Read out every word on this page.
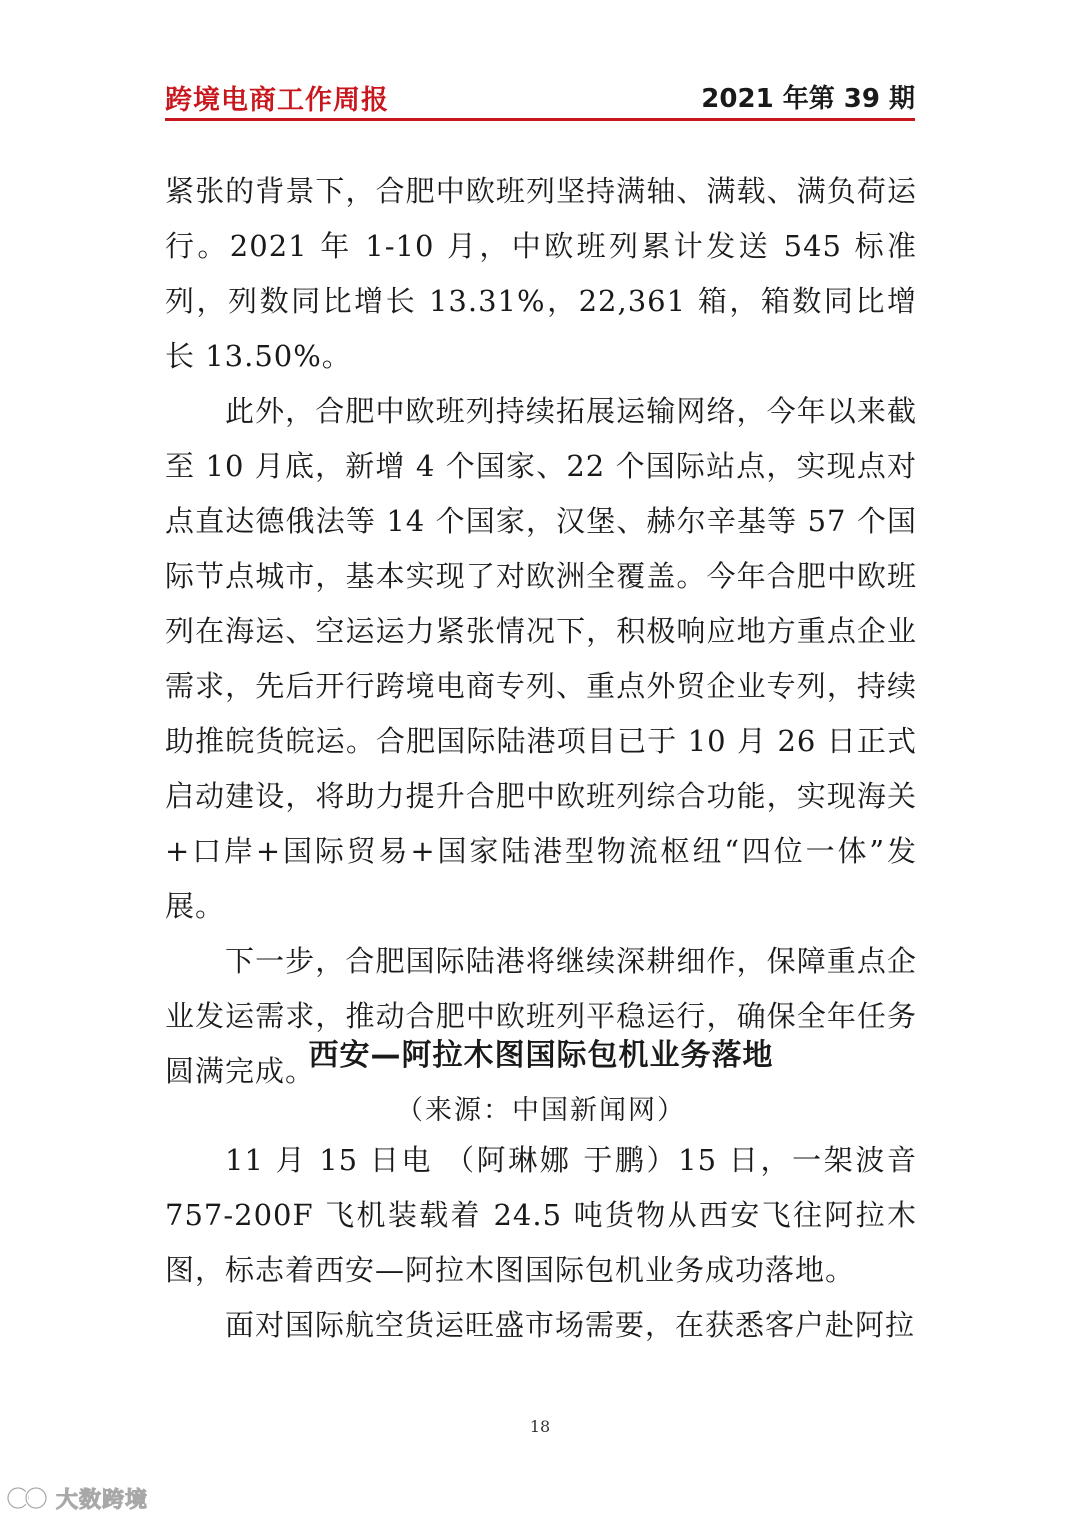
跨境电商工作周报	2021 年第 39 期

紧张的背景下，合肥中欧班列坚持满轴、满载、满负荷运行。2021 年 1-10 月，中欧班列累计发送 545 标准列，列数同比增长 13.31%，22,361 箱，箱数同比增长 13.50%。

此外，合肥中欧班列持续拓展运输网络，今年以来截至 10 月底，新增 4 个国家、22 个国际站点，实现点对点直达德俄法等 14 个国家，汉堡、赫尔辛基等 57 个国际节点城市，基本实现了对欧洲全覆盖。今年合肥中欧班列在海运、空运运力紧张情况下，积极响应地方重点企业需求，先后开行跨境电商专列、重点外贸企业专列，持续助推皖货皖运。合肥国际陆港项目已于 10 月 26 日正式启动建设，将助力提升合肥中欧班列综合功能，实现海关+口岸+国际贸易+国家陆港型物流枢纽“四位一体”发展。

下一步，合肥国际陆港将继续深耕细作，保障重点企业发运需求，推动合肥中欧班列平稳运行，确保全年任务圆满完成。

西安—阿拉木图国际包机业务落地
（来源：中国新闻网）

11 月 15 日电 （阿琳娜 于鹏）15 日，一架波音 757-200F 飞机装载着 24.5 吨货物从西安飞往阿拉木图，标志着西安—阿拉木图国际包机业务成功落地。

面对国际航空货运旺盛市场需要，在获悉客户赴阿拉

18
大数跨境
